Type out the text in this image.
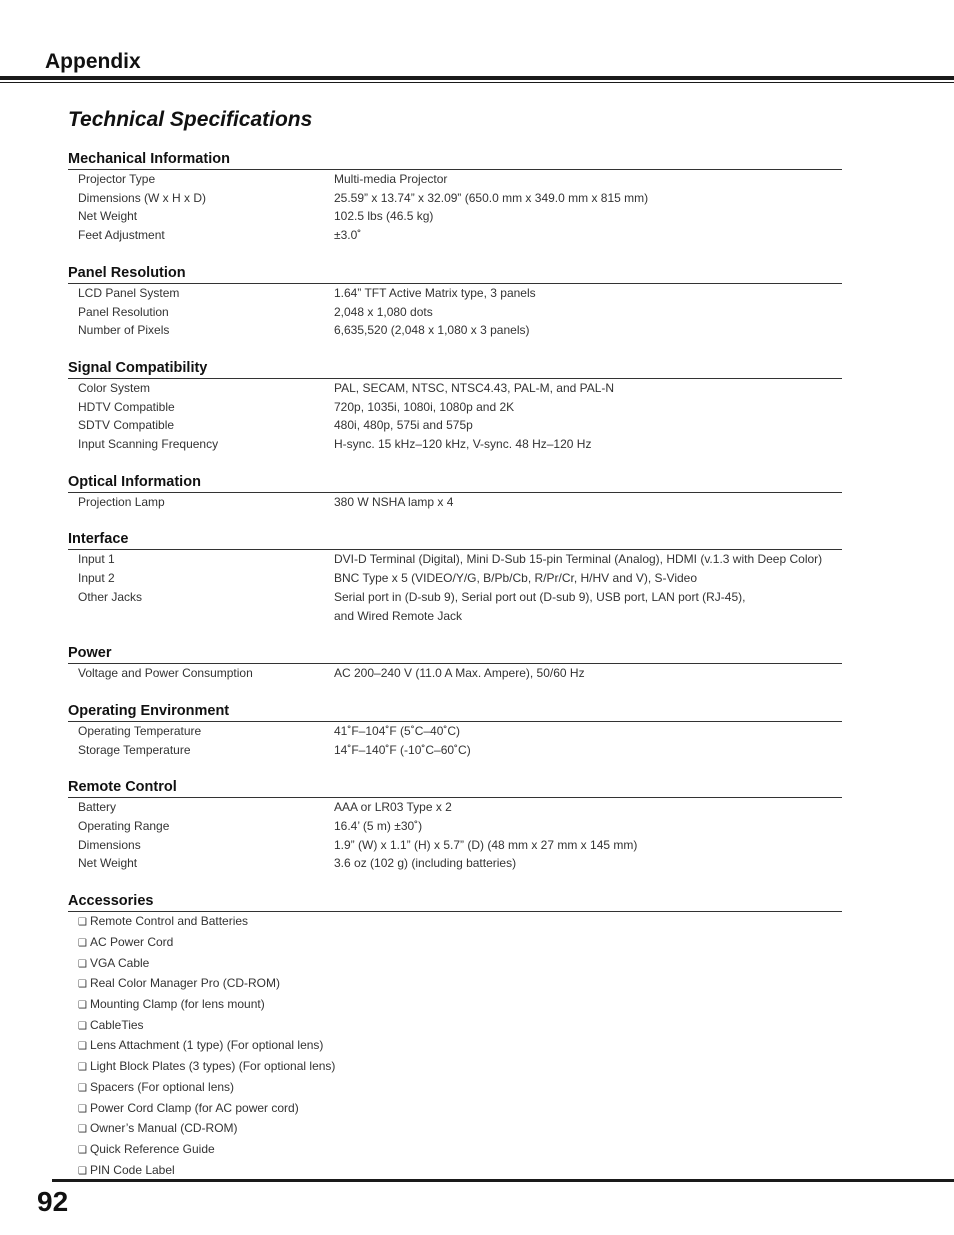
Appendix
Technical Specifications
Mechanical Information
Projector Type	Multi-media Projector
Dimensions (W x H x D)	25.59” x 13.74” x 32.09” (650.0 mm x 349.0 mm x 815 mm)
Net Weight	102.5 lbs (46.5 kg)
Feet Adjustment	±3.0˚
Panel Resolution
LCD Panel System	1.64” TFT Active Matrix type, 3 panels
Panel Resolution	2,048 x 1,080 dots
Number of Pixels	6,635,520 (2,048 x 1,080 x 3 panels)
Signal Compatibility
Color System	PAL, SECAM, NTSC, NTSC4.43, PAL-M, and PAL-N
HDTV Compatible	720p, 1035i, 1080i, 1080p and 2K
SDTV Compatible	480i, 480p, 575i and 575p
Input Scanning Frequency	H-sync. 15 kHz–120 kHz, V-sync. 48 Hz–120 Hz
Optical Information
Projection Lamp	380 W NSHA lamp x 4
Interface
Input 1	DVI-D Terminal (Digital), Mini D-Sub 15-pin Terminal (Analog), HDMI (v.1.3 with Deep Color)
Input 2	BNC Type x 5 (VIDEO/Y/G, B/Pb/Cb, R/Pr/Cr, H/HV and V), S-Video
Other Jacks	Serial port in (D-sub 9), Serial port out (D-sub 9), USB port, LAN port (RJ-45),
and Wired Remote Jack
Power
Voltage and Power Consumption	AC 200–240 V (11.0 A Max. Ampere), 50/60 Hz
Operating Environment
Operating Temperature	41˚F–104˚F (5˚C–40˚C)
Storage Temperature	14˚F–140˚F (-10˚C–60˚C)
Remote Control
Battery	AAA or LR03 Type x 2
Operating Range	16.4’ (5 m) ±30˚)
Dimensions	1.9” (W) x 1.1” (H) x 5.7” (D) (48 mm x 27 mm x 145 mm)
Net Weight	3.6 oz (102 g) (including batteries)
Accessories
❑ Remote Control and Batteries
❑ AC Power Cord
❑ VGA Cable
❑ Real Color Manager Pro (CD-ROM)
❑ Mounting Clamp (for lens mount)
❑ CableTies
❑ Lens Attachment (1 type) (For optional lens)
❑ Light Block Plates (3 types) (For optional lens)
❑ Spacers (For optional lens)
❑ Power Cord Clamp (for AC power cord)
❑ Owner’s Manual (CD-ROM)
❑ Quick Reference Guide
❑ PIN Code Label
92
